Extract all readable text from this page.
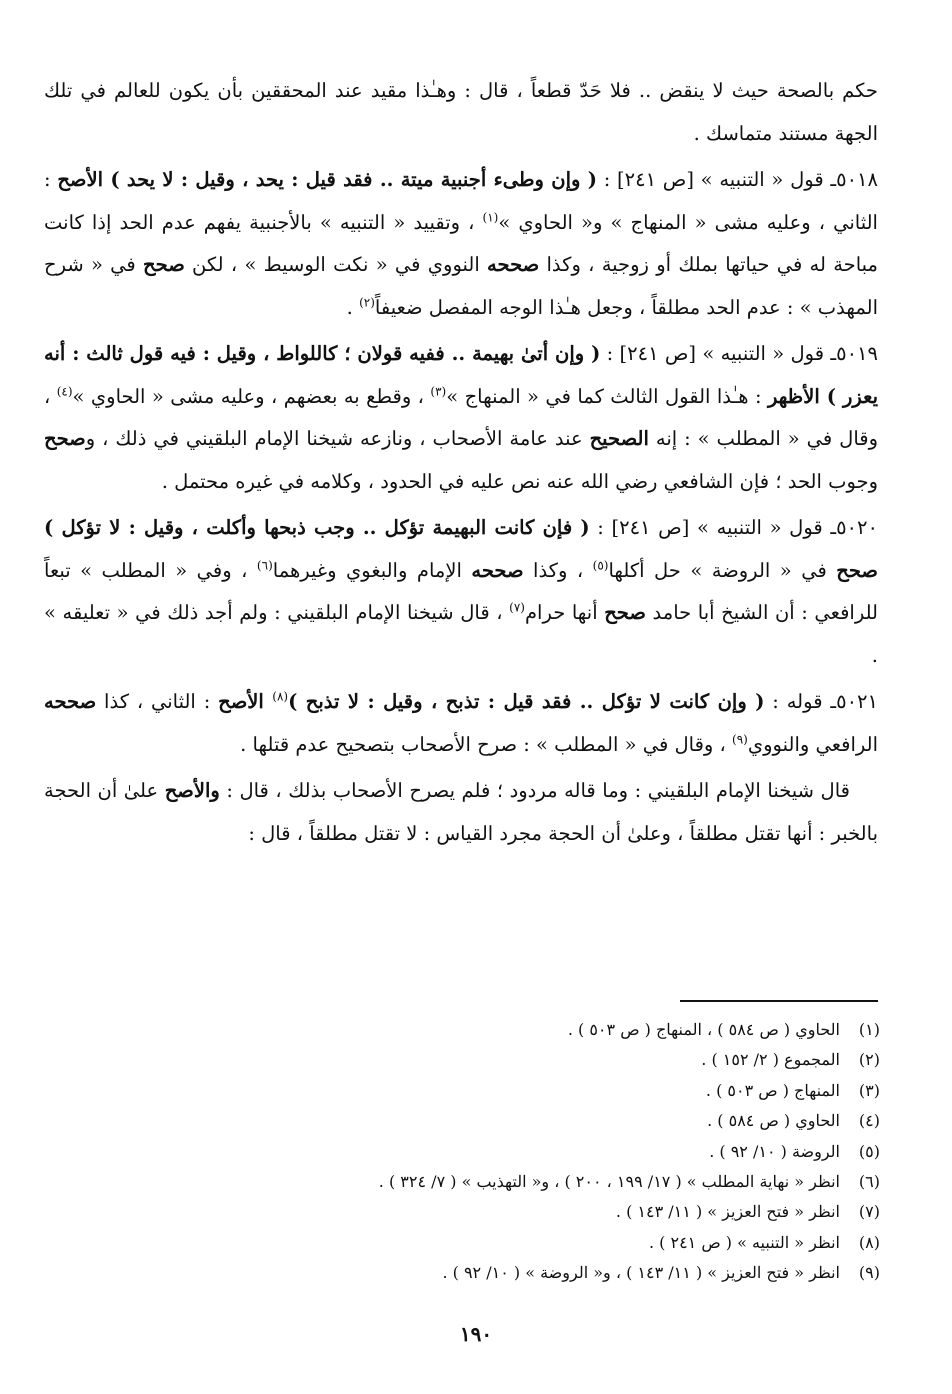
حكم بالصحة حيث لا ينقض .. فلا حَدّ قطعاً ، قال : وهـٰذا مقيد عند المحققين بأن يكون للعالم في تلك الجهة مستند متماسك .

٥٠١٨ـ قول « التنبيه » [ص ٢٤١] : ( وإن وطىء أجنبية ميتة .. فقد قيل : يحد ، وقيل : لا يحد ) الأصح : الثاني ، وعليه مشى « المنهاج » و« الحاوي »$^{(١)}$ ، وتقييد « التنبيه » بالأجنبية يفهم عدم الحد إذا كانت مباحة له في حياتها بملك أو زوجية ، وكذا صححه النووي في « نكت الوسيط » ، لكن صحح في « شرح المهذب » : عدم الحد مطلقاً ، وجعل هـٰذا الوجه المفصل ضعيفاً$^{(٢)}$ .

٥٠١٩ـ قول « التنبيه » [ص ٢٤١] : ( وإن أتىٰ بهيمة .. ففيه قولان ؛ كاللواط ، وقيل : فيه قول ثالث : أنه يعزر ) الأظهر : هـٰذا القول الثالث كما في « المنهاج »$^{(٣)}$ ، وقطع به بعضهم ، وعليه مشى « الحاوي »$^{(٤)}$ ، وقال في « المطلب » : إنه الصحيح عند عامة الأصحاب ، ونازعه شيخنا الإمام البلقيني في ذلك ، وصحح وجوب الحد ؛ فإن الشافعي رضي الله عنه نص عليه في الحدود ، وكلامه في غيره محتمل .

٥٠٢٠ـ قول « التنبيه » [ص ٢٤١] : ( فإن كانت البهيمة تؤكل .. وجب ذبحها وأكلت ، وقيل : لا تؤكل ) صحح في « الروضة » حل أكلها$^{(٥)}$ ، وكذا صححه الإمام والبغوي وغيرهما$^{(٦)}$ ، وفي « المطلب » تبعاً للرافعي : أن الشيخ أبا حامد صحح أنها حرام$^{(٧)}$ ، قال شيخنا الإمام البلقيني : ولم أجد ذلك في « تعليقه » .

٥٠٢١ـ قوله : ( وإن كانت لا تؤكل .. فقد قيل : تذبح ، وقيل : لا تذبح )$^{(٨)}$ الأصح : الثاني ، كذا صححه الرافعي والنووي$^{(٩)}$ ، وقال في « المطلب » : صرح الأصحاب بتصحيح عدم قتلها .

قال شيخنا الإمام البلقيني : وما قاله مردود ؛ فلم يصرح الأصحاب بذلك ، قال : والأصح علىٰ أن الحجة بالخبر : أنها تقتل مطلقاً ، وعلىٰ أن الحجة مجرد القياس : لا تقتل مطلقاً ، قال :

(١)الحاوي ( ص ٥٨٤ ) ، المنهاج ( ص ٥٠٣ ) .
(٢)المجموع ( ٢/ ١٥٢ ) .
(٣)المنهاج ( ص ٥٠٣ ) .
(٤)الحاوي ( ص ٥٨٤ ) .
(٥)الروضة ( ١٠/ ٩٢ ) .
(٦)انظر « نهاية المطلب » ( ١٧/ ١٩٩ ، ٢٠٠ ) ، و« التهذيب » ( ٧/ ٣٢٤ ) .
(٧)انظر « فتح العزيز » ( ١١/ ١٤٣ ) .
(٨)انظر « التنبيه » ( ص ٢٤١ ) .
(٩)انظر « فتح العزيز » ( ١١/ ١٤٣ ) ، و« الروضة » ( ١٠/ ٩٢ ) .
١٩٠
